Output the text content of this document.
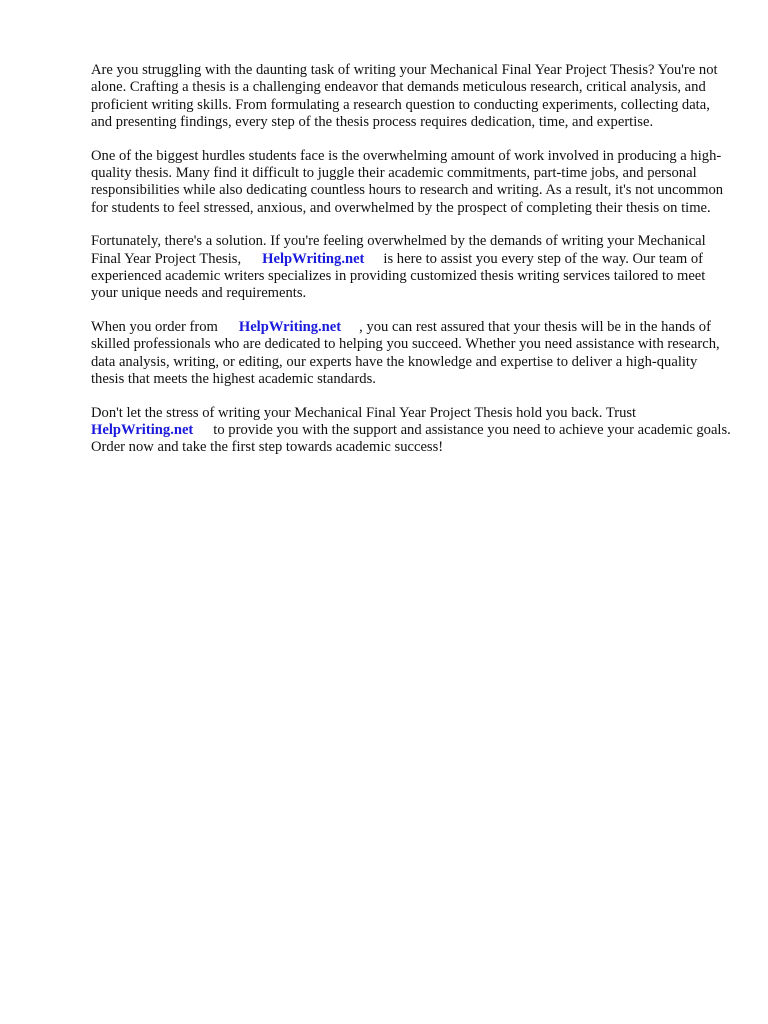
Are you struggling with the daunting task of writing your Mechanical Final Year Project Thesis? You're not alone. Crafting a thesis is a challenging endeavor that demands meticulous research, critical analysis, and proficient writing skills. From formulating a research question to conducting experiments, collecting data, and presenting findings, every step of the thesis process requires dedication, time, and expertise.

One of the biggest hurdles students face is the overwhelming amount of work involved in producing a high-quality thesis. Many find it difficult to juggle their academic commitments, part-time jobs, and personal responsibilities while also dedicating countless hours to research and writing. As a result, it's not uncommon for students to feel stressed, anxious, and overwhelmed by the prospect of completing their thesis on time.

Fortunately, there's a solution. If you're feeling overwhelmed by the demands of writing your Mechanical Final Year Project Thesis, HelpWriting.net is here to assist you every step of the way. Our team of experienced academic writers specializes in providing customized thesis writing services tailored to meet your unique needs and requirements.

When you order from HelpWriting.net , you can rest assured that your thesis will be in the hands of skilled professionals who are dedicated to helping you succeed. Whether you need assistance with research, data analysis, writing, or editing, our experts have the knowledge and expertise to deliver a high-quality thesis that meets the highest academic standards.

Don't let the stress of writing your Mechanical Final Year Project Thesis hold you back. Trust HelpWriting.net to provide you with the support and assistance you need to achieve your academic goals. Order now and take the first step towards academic success!
